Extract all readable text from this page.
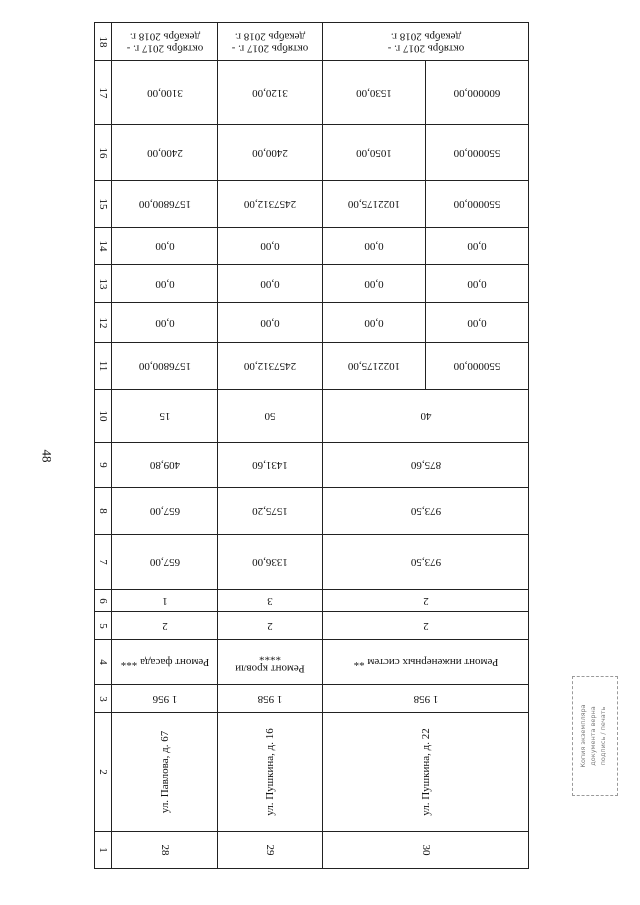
48
Копия экземпляра документа верна подпись / печать
18	октябрь 2017 г. - декабрь 2018 г.	октябрь 2017 г. - декабрь 2018 г.	октябрь 2017 г. - декабрь 2018 г.	

17	3100,00	3120,00	1530,00	600000,00

16	2400,00	2400,00	1050,00	550000,00

15	1576800,00	2457312,00	1022175,00	550000,00

14	0,00	0,00	0,00	0,00

13	0,00	0,00	0,00	0,00

12	0,00	0,00	0,00	0,00

11	1576800,00	2457312,00	1022175,00	550000,00

10	15	50	40	

9	409,80	1431,60	875,60	

8	657,00	1575,20	973,50	

7	657,00	1336,00	973,50	

6	1	3	2	

5	2	2	2	

4	Ремонт фасада ***	Ремонт кровли ****	Ремонт инженерных систем **	

3	1 956	1 958	1 958	

2	ул. Павлова, д. 67	ул. Пушкина, д. 16	ул. Пушкина, д. 22	

1	28	29	30	
